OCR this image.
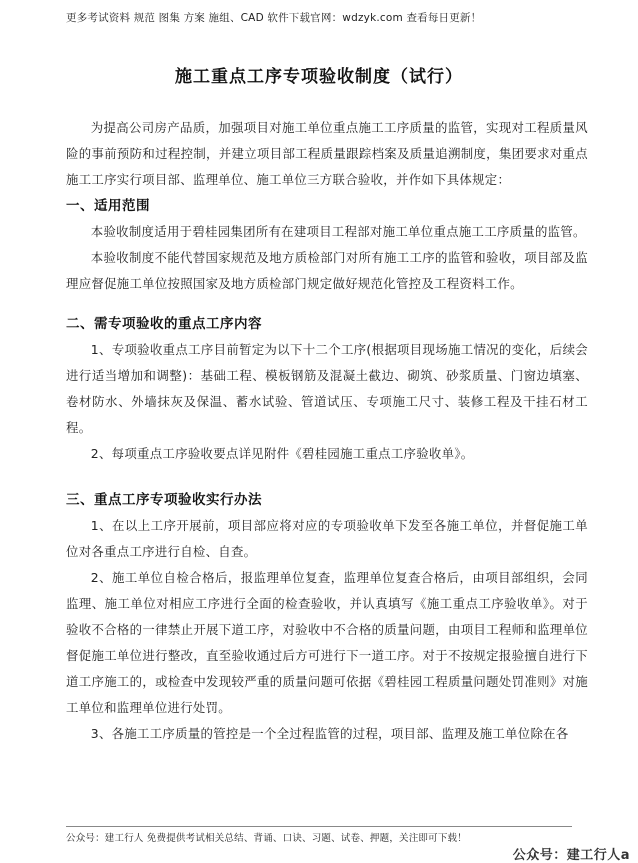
更多考试资料 规范 图集 方案 施组、CAD 软件下载官网：wdzyk.com 查看每日更新！
施工重点工序专项验收制度（试行）

为提高公司房产品质，加强项目对施工单位重点施工工序质量的监管，实现对工程质量风险的事前预防和过程控制，并建立项目部工程质量跟踪档案及质量追溯制度，集团要求对重点施工工序实行项目部、监理单位、施工单位三方联合验收，并作如下具体规定：

一、适用范围

本验收制度适用于碧桂园集团所有在建项目工程部对施工单位重点施工工序质量的监管。

本验收制度不能代替国家规范及地方质检部门对所有施工工序的监管和验收，项目部及监理应督促施工单位按照国家及地方质检部门规定做好规范化管控及工程资料工作。

二、需专项验收的重点工序内容

1、专项验收重点工序目前暂定为以下十二个工序(根据项目现场施工情况的变化，后续会进行适当增加和调整)：基础工程、模板钢筋及混凝土截边、砌筑、砂浆质量、门窗边填塞、卷材防水、外墙抹灰及保温、蓄水试验、管道试压、专项施工尺寸、装修工程及干挂石材工程。

2、每项重点工序验收要点详见附件《碧桂园施工重点工序验收单》。

三、重点工序专项验收实行办法

1、在以上工序开展前，项目部应将对应的专项验收单下发至各施工单位，并督促施工单位对各重点工序进行自检、自查。

2、施工单位自检合格后，报监理单位复查，监理单位复查合格后，由项目部组织，会同监理、施工单位对相应工序进行全面的检查验收，并认真填写《施工重点工序验收单》。对于验收不合格的一律禁止开展下道工序，对验收中不合格的质量问题，由项目工程师和监理单位督促施工单位进行整改，直至验收通过后方可进行下一道工序。对于不按规定报验擅自进行下道工序施工的，或检查中发现较严重的质量问题可依据《碧桂园工程质量问题处罚准则》对施工单位和监理单位进行处罚。

3、各施工工序质量的管控是一个全过程监管的过程，项目部、监理及施工单位除在各

公众号：建工行人 免费提供考试相关总结、背诵、口诀、习题、试卷、押题，关注即可下载！
公众号：建工行人a
